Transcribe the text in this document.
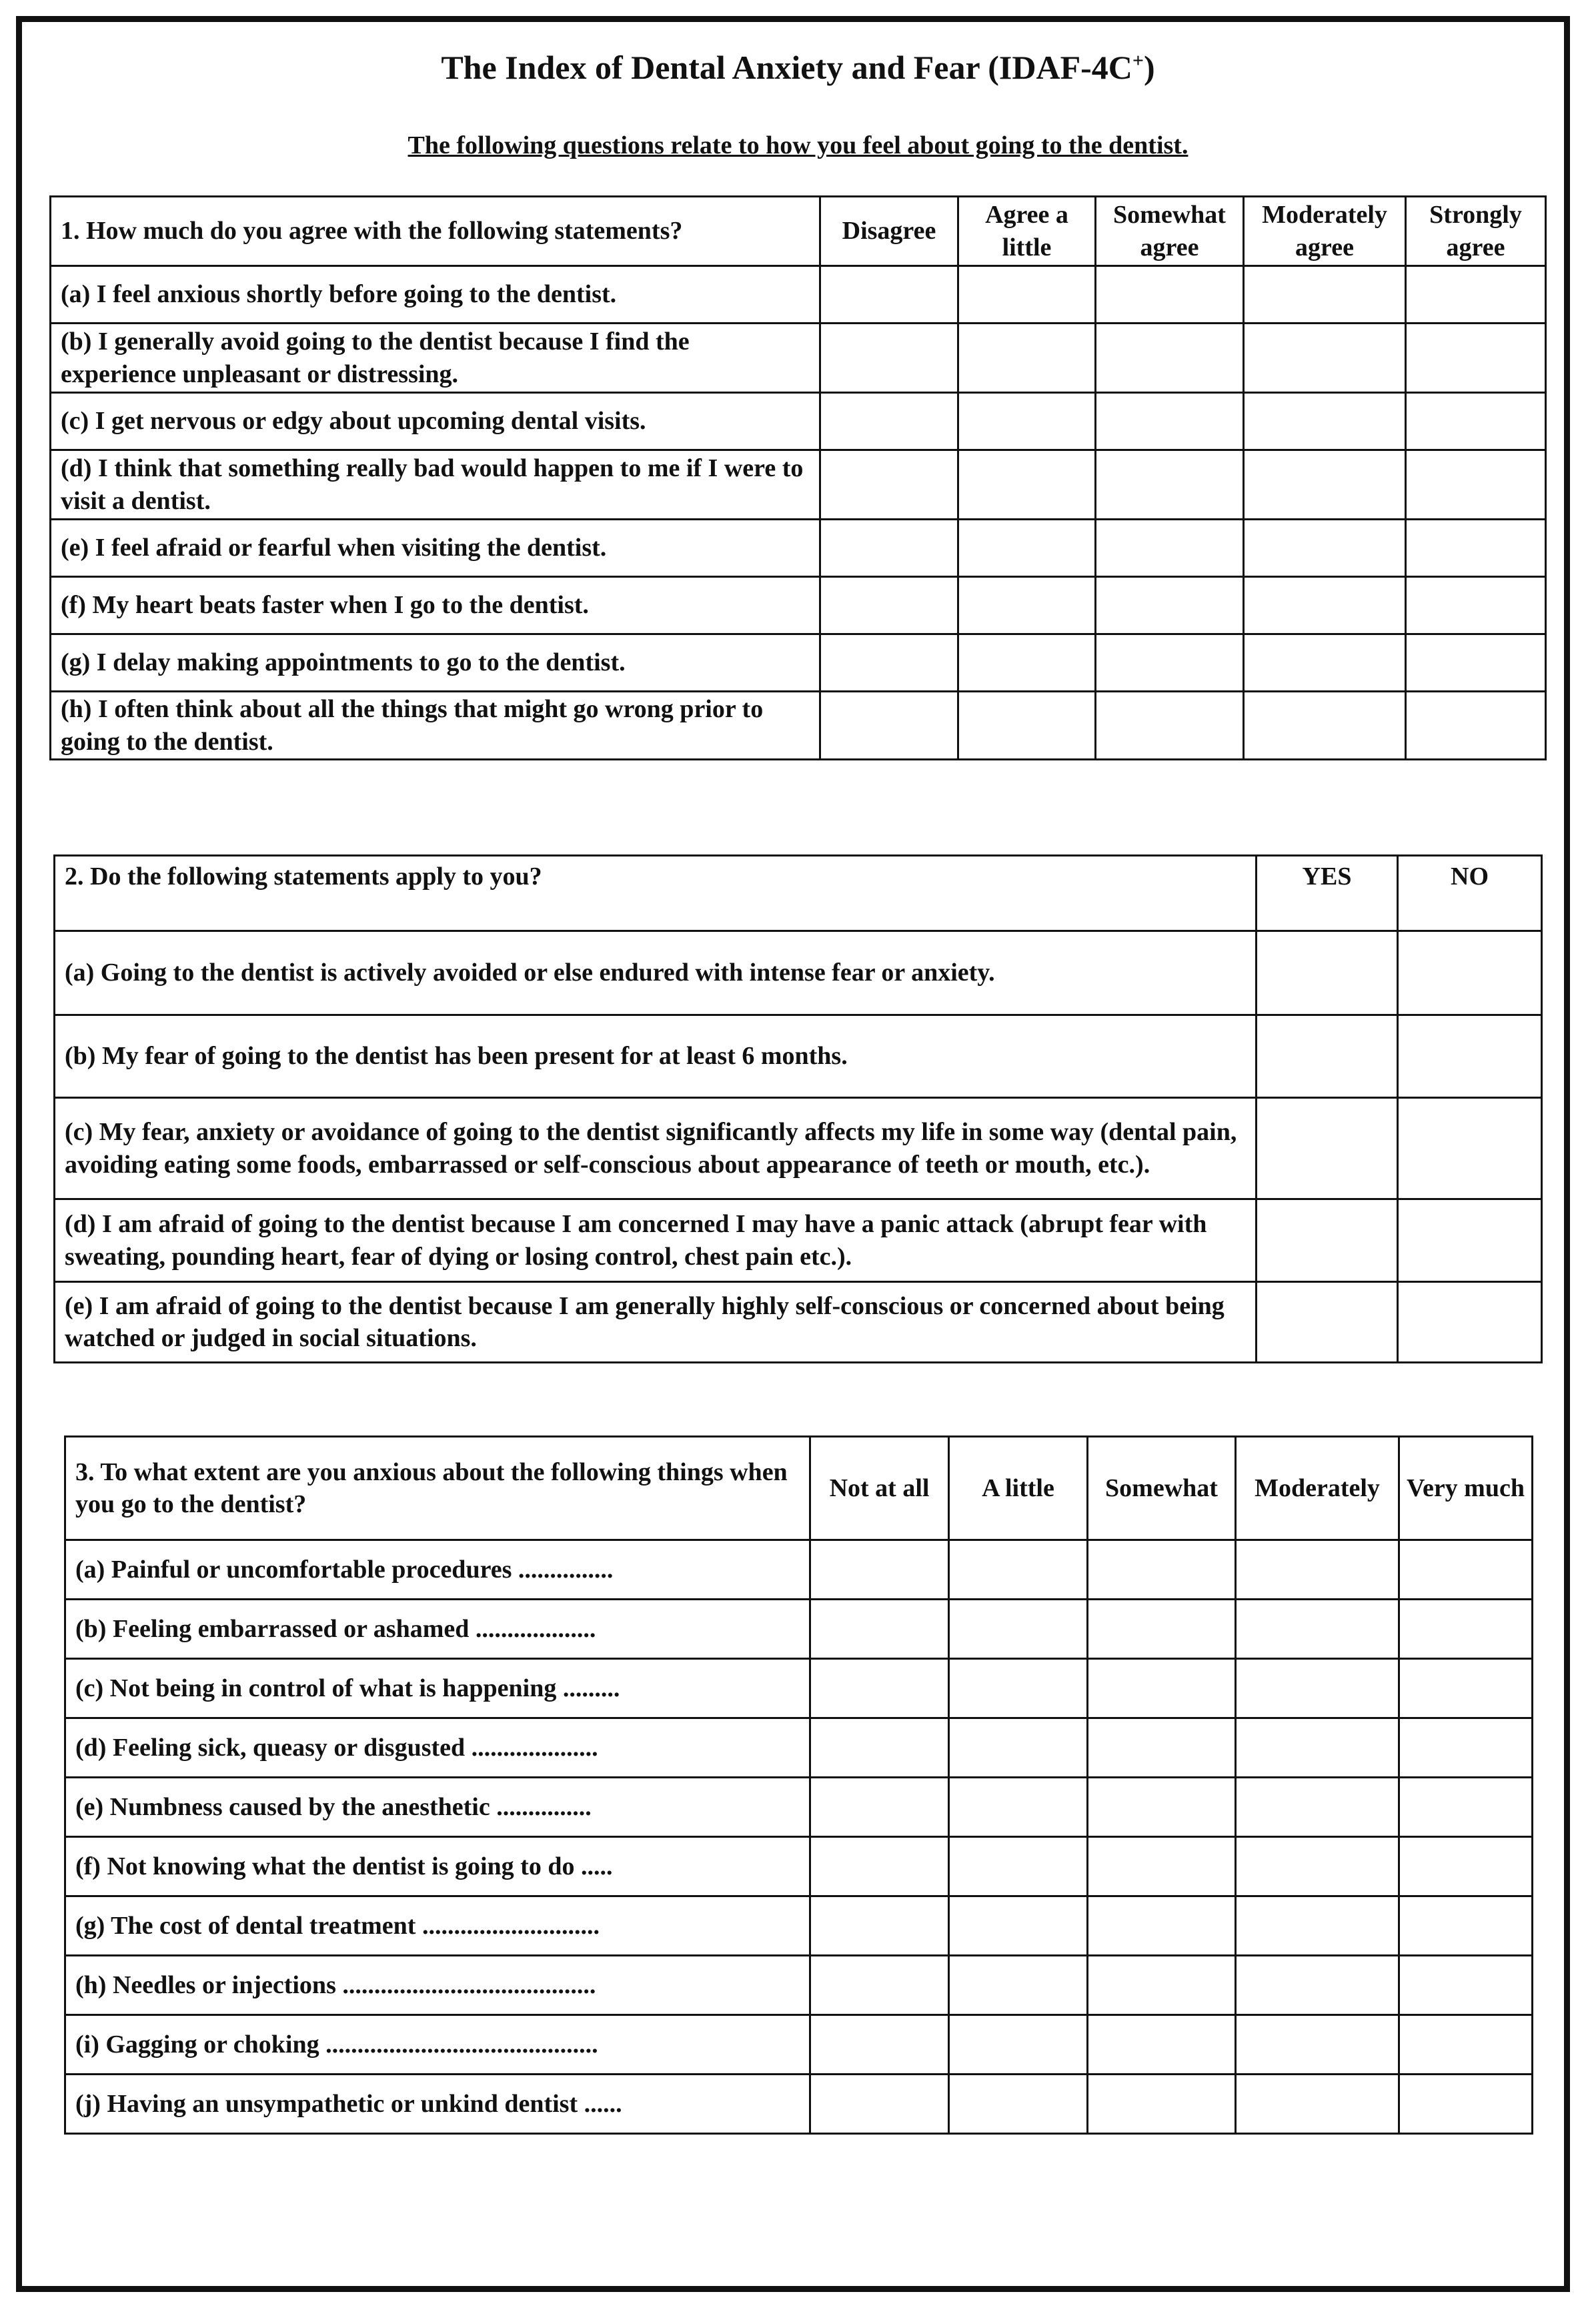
The Index of Dental Anxiety and Fear (IDAF-4C+)
The following questions relate to how you feel about going to the dentist.
1. How much do you agree with the following statements?	Disagree	Agree a little	Somewhat agree	Moderately agree	Strongly agree
(a) I feel anxious shortly before going to the dentist.					
(b) I generally avoid going to the dentist because I find the experience unpleasant or distressing.					
(c) I get nervous or edgy about upcoming dental visits.					
(d) I think that something really bad would happen to me if I were to visit a dentist.					
(e) I feel afraid or fearful when visiting the dentist.					
(f) My heart beats faster when I go to the dentist.					
(g) I delay making appointments to go to the dentist.					
(h) I often think about all the things that might go wrong prior to going to the dentist.					
2. Do the following statements apply to you?	YES	NO
(a) Going to the dentist is actively avoided or else endured with intense fear or anxiety.		
(b) My fear of going to the dentist has been present for at least 6 months.		
(c) My fear, anxiety or avoidance of going to the dentist significantly affects my life in some way (dental pain, avoiding eating some foods, embarrassed or self-conscious about appearance of teeth or mouth, etc.).		
(d) I am afraid of going to the dentist because I am concerned I may have a panic attack (abrupt fear with sweating, pounding heart, fear of dying or losing control, chest pain etc.).		
(e) I am afraid of going to the dentist because I am generally highly self-conscious or concerned about being watched or judged in social situations.		
3. To what extent are you anxious about the following things when you go to the dentist?	Not at all	A little	Somewhat	Moderately	Very much
(a) Painful or uncomfortable procedures ...............					
(b) Feeling embarrassed or ashamed ...................					
(c) Not being in control of what is happening .........					
(d) Feeling sick, queasy or disgusted ....................					
(e) Numbness caused by the anesthetic ...............					
(f) Not knowing what the dentist is going to do .....					
(g) The cost of dental treatment ............................					
(h) Needles or injections ........................................					
(i) Gagging or choking ...........................................					
(j) Having an unsympathetic or unkind dentist ......					
